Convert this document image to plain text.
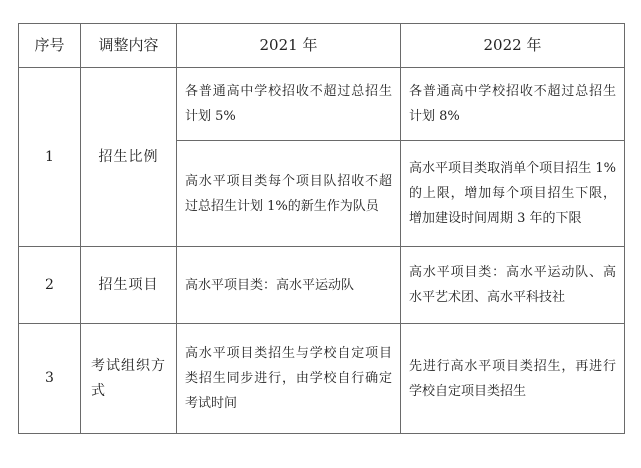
序号	调整内容	2021 年	2022 年
1	招生比例	各普通高中学校招收不超过总招生计划 5%	各普通高中学校招收不超过总招生计划 8%
		高水平项目类每个项目队招收不超过总招生计划 1%的新生作为队员	高水平项目类取消单个项目招生 1%的上限，增加每个项目招生下限，增加建设时间周期 3 年的下限
2	招生项目	高水平项目类：高水平运动队	高水平项目类：高水平运动队、高水平艺术团、高水平科技社
3	考试组织方式	高水平项目类招生与学校自定项目类招生同步进行，由学校自行确定考试时间	先进行高水平项目类招生，再进行学校自定项目类招生
